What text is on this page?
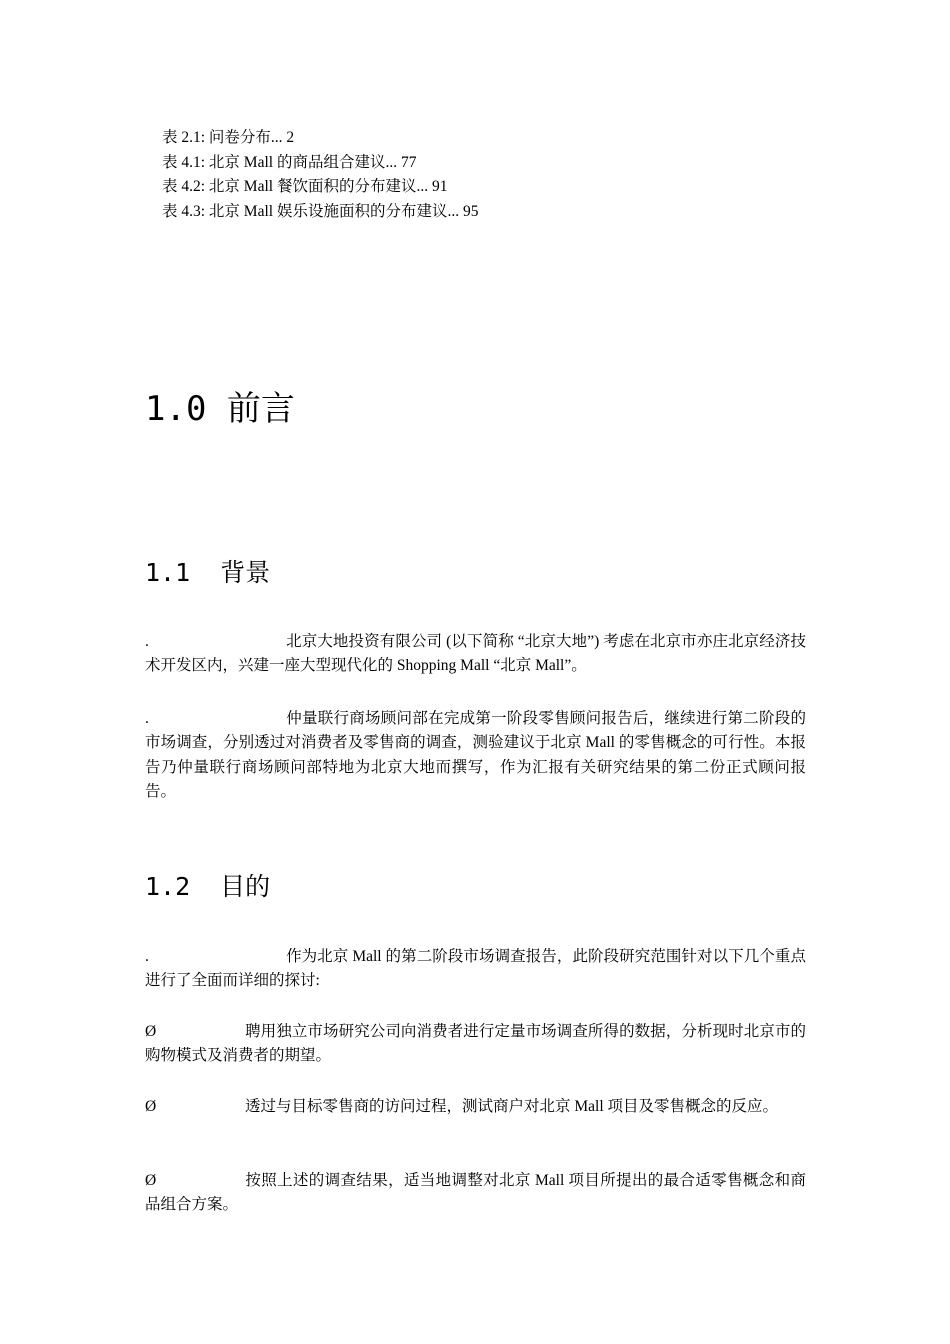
表 2.1: 问卷分布... 2
表 4.1: 北京 Mall 的商品组合建议... 77
表 4.2: 北京 Mall 餐饮面积的分布建议... 91
表 4.3: 北京 Mall 娱乐设施面积的分布建议... 95
1.0 前言
1.1 背景
.	北京大地投资有限公司 (以下简称 “北京大地”) 考虑在北京市亦庄北京经济技术开发区内，兴建一座大型现代化的 Shopping Mall “北京 Mall”。
.	仲量联行商场顾问部在完成第一阶段零售顾问报告后，继续进行第二阶段的市场调查，分别透过对消费者及零售商的调查，测验建议于北京 Mall 的零售概念的可行性。本报告乃仲量联行商场顾问部特地为北京大地而撰写，作为汇报有关研究结果的第二份正式顾问报告。
1.2 目的
.	作为北京 Mall 的第二阶段市场调查报告，此阶段研究范围针对以下几个重点进行了全面而详细的探讨:
Ø	聘用独立市场研究公司向消费者进行定量市场调查所得的数据，分析现时北京市的购物模式及消费者的期望。
Ø	透过与目标零售商的访问过程，测试商户对北京 Mall 项目及零售概念的反应。
Ø	按照上述的调查结果，适当地调整对北京 Mall 项目所提出的最合适零售概念和商品组合方案。
